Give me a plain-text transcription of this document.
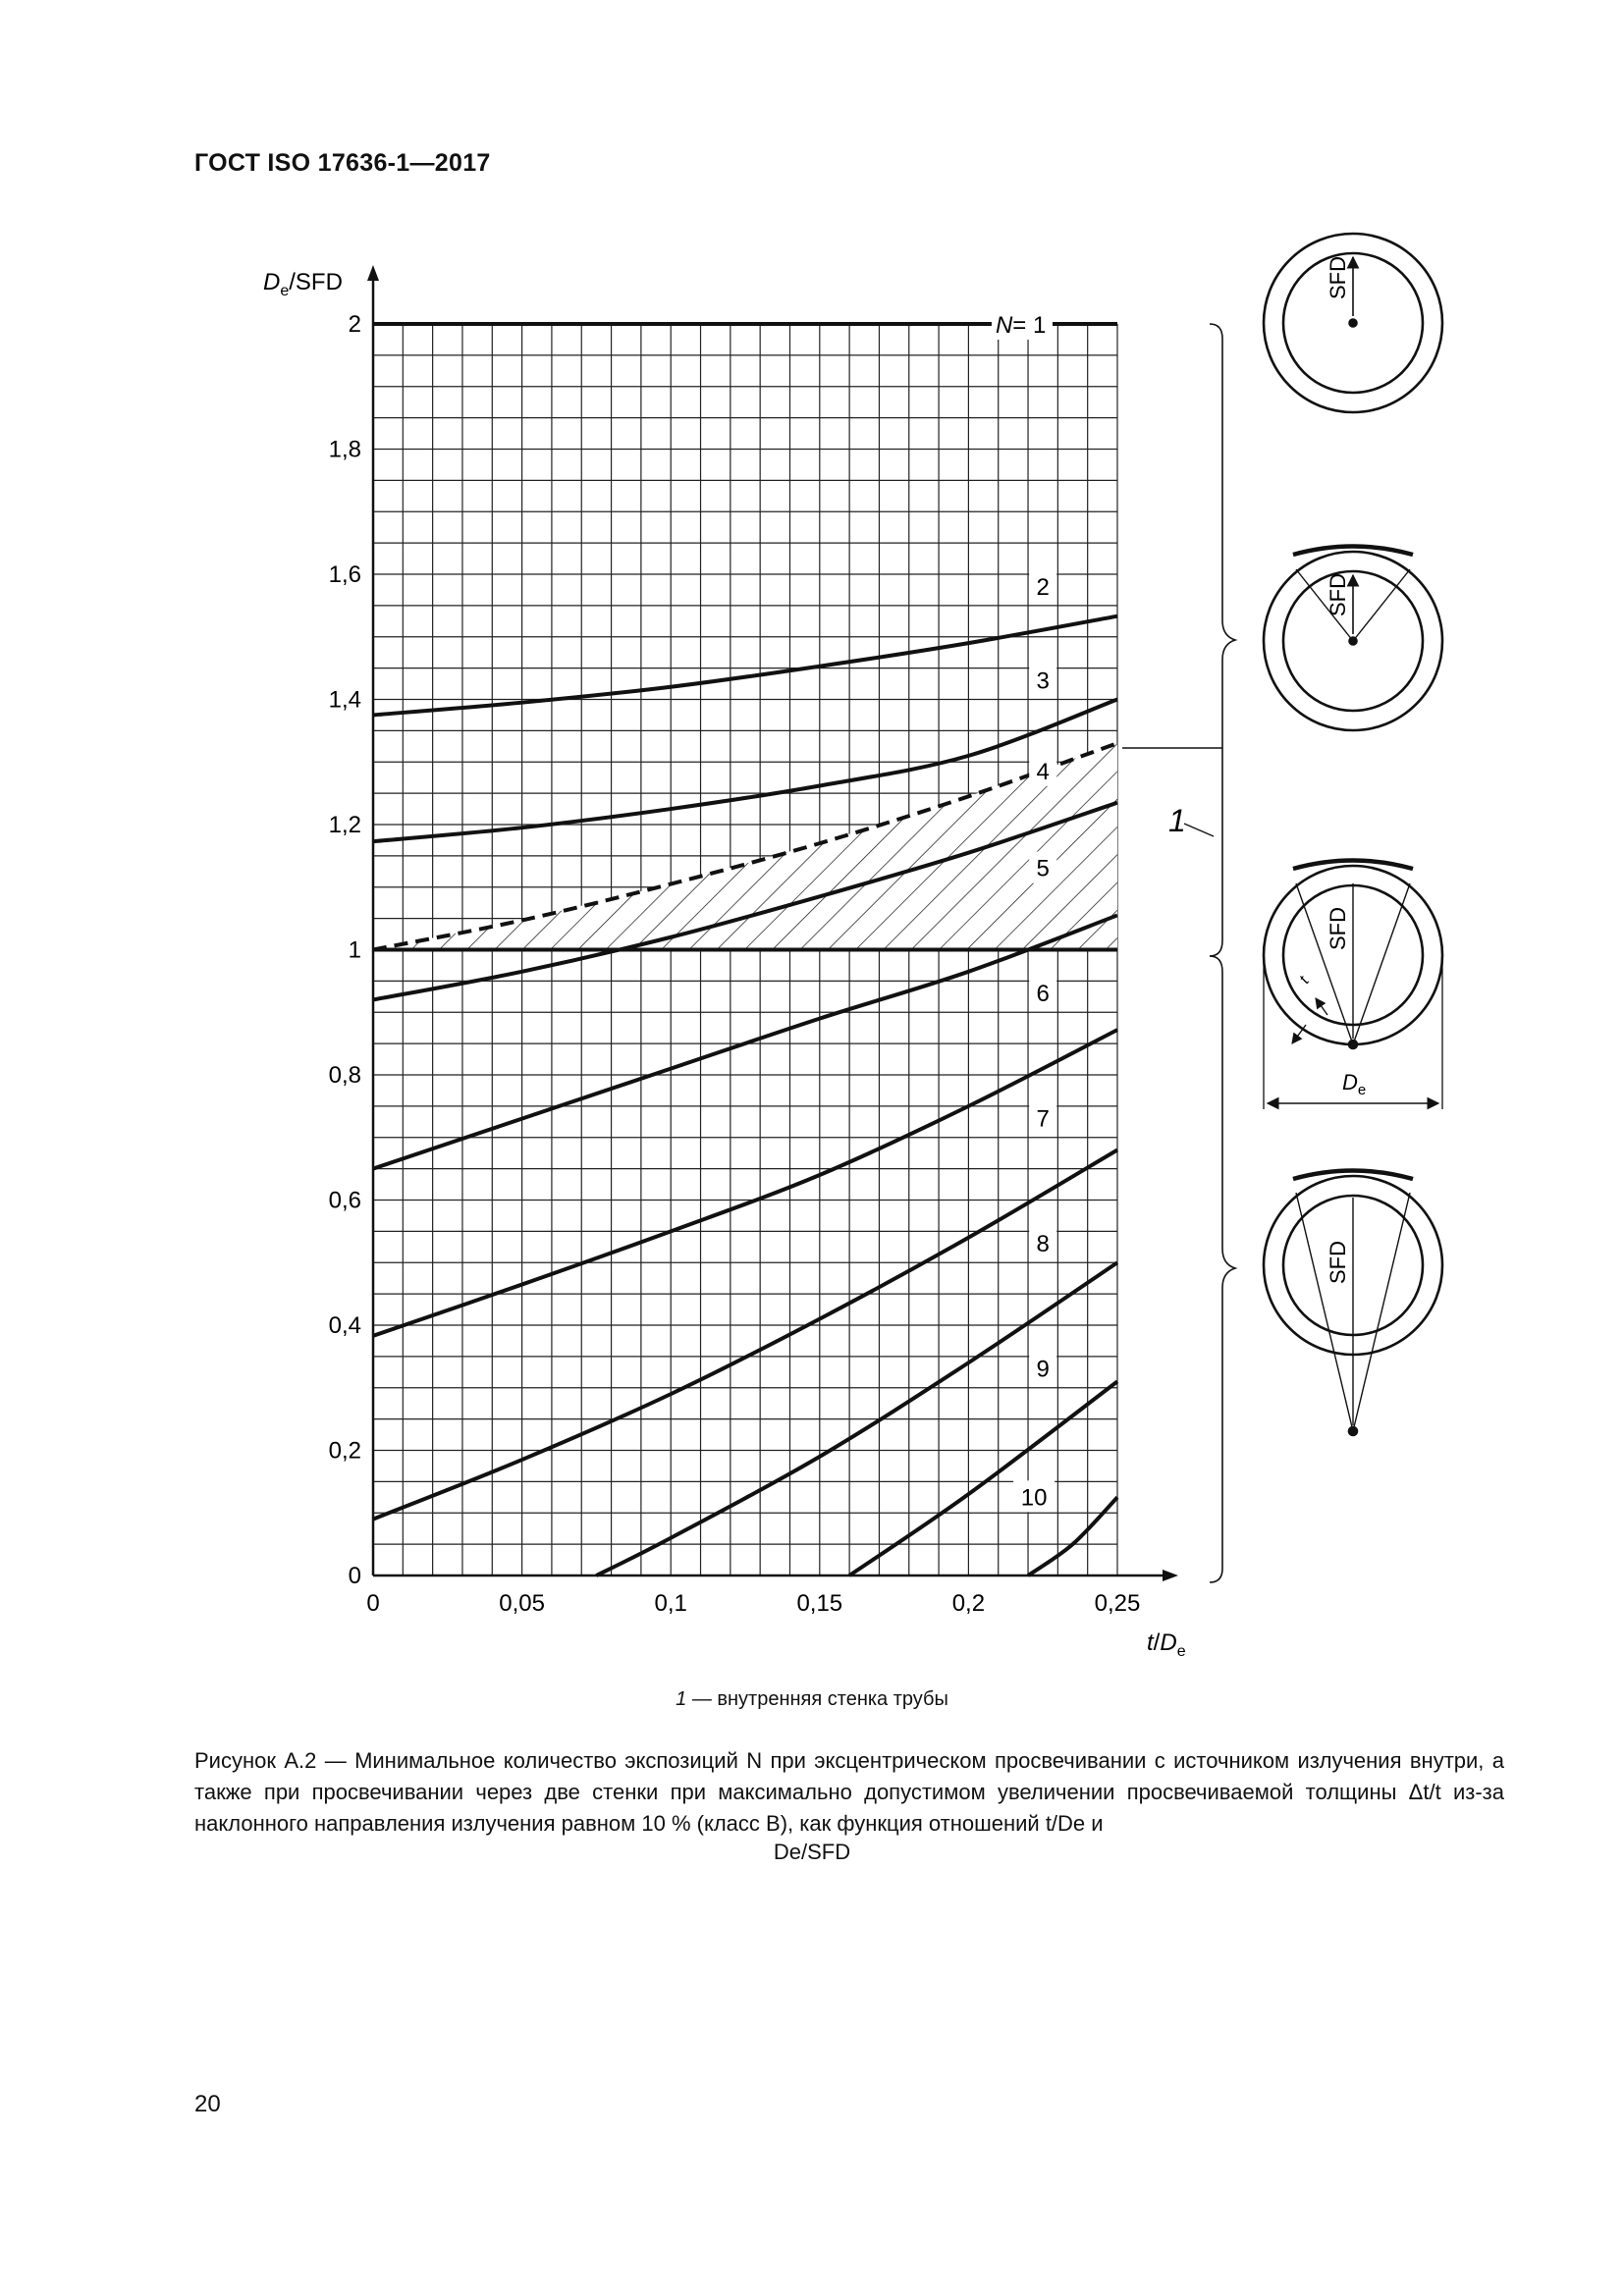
ГОСТ ISO 17636-1—2017
0
0,2
0,4
0,6
0,8
1
1,2
1,4
1,6
1,8
2
0	0,05	0,1	0,15	0,2	0,25
$D_e$/SFD
$t/D_e$
N= 1
2
3
4
5
6
7
8
9
10
1
SFD
SFD
SFD
t
$D_e$
SFD
1 — внутренняя стенка трубы
Рисунок А.2 — Минимальное количество экспозиций N при эксцентрическом просвечивании с источником излучения внутри, а также при просвечивании через две стенки при максимально допустимом увеличении просвечиваемой толщины Δt/t из-за наклонного направления излучения равном 10 % (класс В), как функция отношений t/De и
De/SFD
20
